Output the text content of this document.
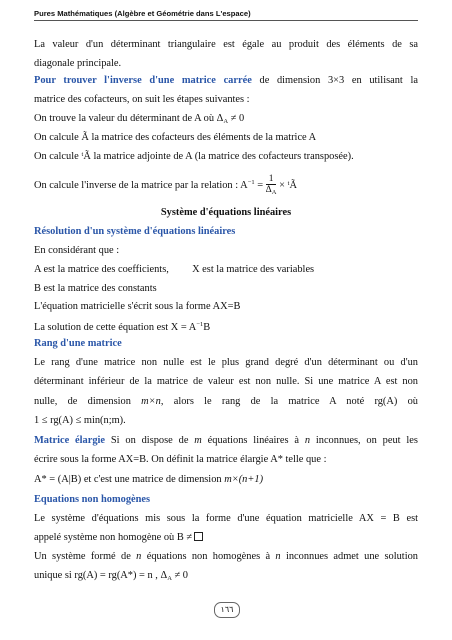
Pures Mathématiques (Algèbre et Géométrie dans L'espace)
La valeur d'un déterminant triangulaire est égale au produit des éléments de sa
diagonale principale.
Pour trouver l'inverse d'une matrice carrée de dimension 3×3 en utilisant la
matrice des cofacteurs, on suit les étapes suivantes :
On trouve la valeur du déterminant de A où $\Delta_A \ne 0$
On calcule Ã la matrice des cofacteurs des éléments de la matrice A
On calcule ᵗÃ la matrice adjointe de A (la matrice des cofacteurs transposée).
On calcule l'inverse de la matrice par la relation : $A^{-1} = \frac{1}{\Delta_A}$ × ᵗÃ
Système d'équations linéaires
Résolution d'un système d'équations linéaires
En considérant que :
A est la matrice des coefficients, X est la matrice des variables
B est la matrice des constants
L'équation matricielle s'écrit sous la forme AX=B
La solution de cette équation est $X = A^{-1}B$
Rang d'une matrice
Le rang d'une matrice non nulle est le plus grand degré d'un déterminant ou d'un
déterminant inférieur de la matrice de valeur est non nulle. Si une matrice A est non
nulle, de dimension m×n, alors le rang de la matrice A noté rg(A) où
1 ≤ rg(A) ≤ min(n;m).
Matrice élargie Si on dispose de m équations linéaires à n inconnues, on peut les
écrire sous la forme AX=B. On définit la matrice élargie A* telle que :
A* = (A|B) et c'est une matrice de dimension m×(n+1)
Equations non homogènes
Le système d'équations mis sous la forme d'une équation matricielle AX = B est
appelé système non homogène où B ≠
Un système formé de n équations non homogènes à n inconnues admet une solution
unique si rg(A) = rg(A*) = n , $\Delta_A \ne 0$
١٦٦
